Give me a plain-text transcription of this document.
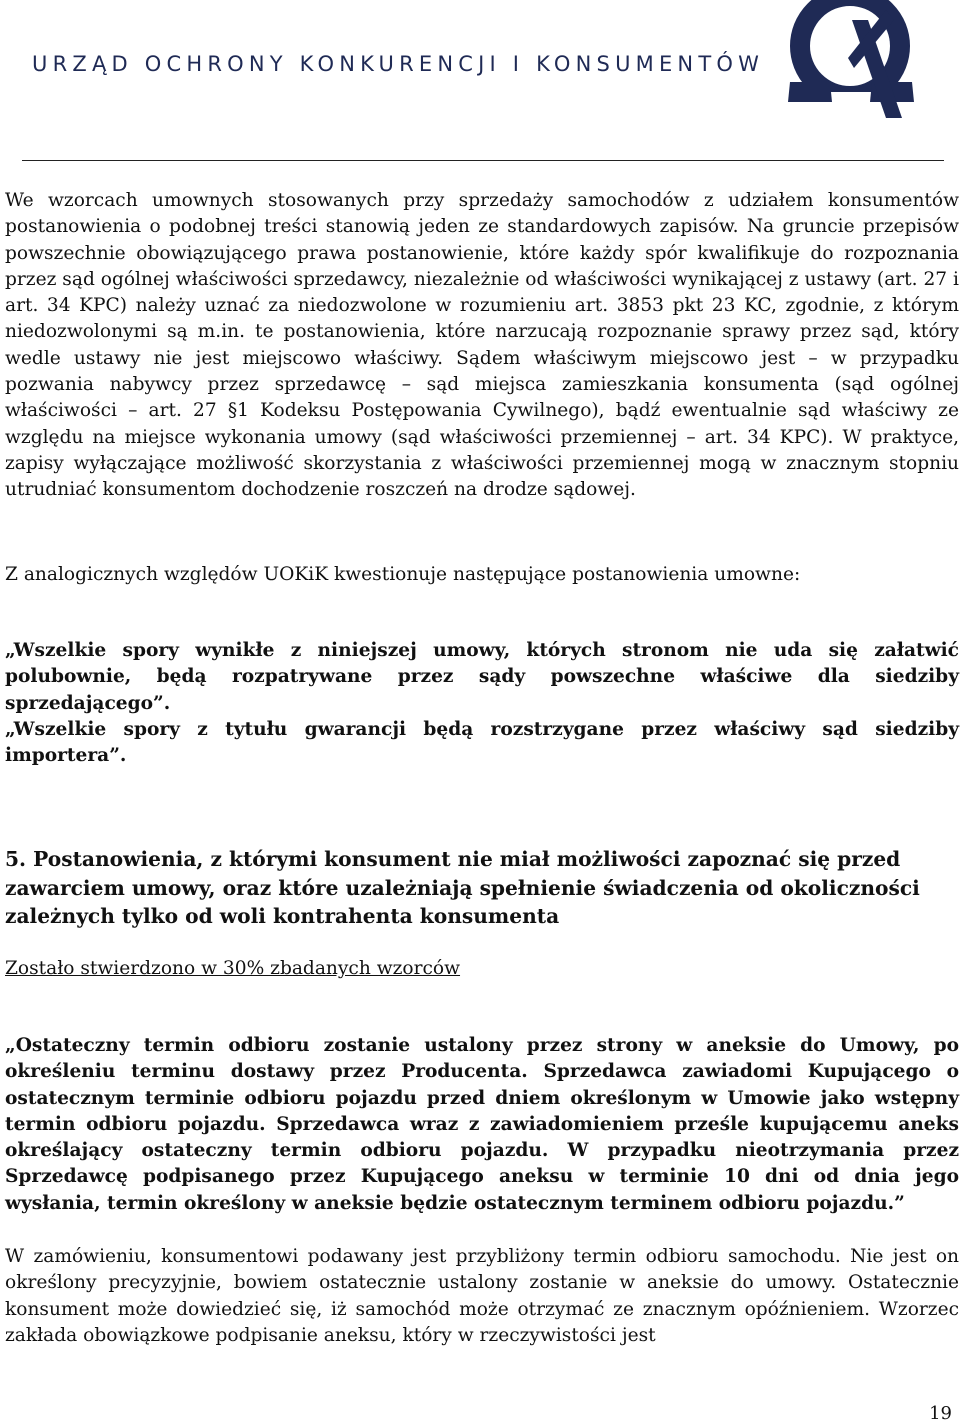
URZĄD OCHRONY KONKURENCJI I KONSUMENTÓW

We wzorcach umownych stosowanych przy sprzedaży samochodów z udziałem konsumentów postanowienia o podobnej treści stanowią jeden ze standardowych zapisów. Na gruncie przepisów powszechnie obowiązującego prawa postanowienie, które każdy spór kwalifikuje do rozpoznania przez sąd ogólnej właściwości sprzedawcy, niezależnie od właściwości wynikającej z ustawy (art. 27 i art. 34 KPC) należy uznać za niedozwolone w rozumieniu art. 3853 pkt 23 KC, zgodnie, z którym niedozwolonymi są m.in. te postanowienia, które narzucają rozpoznanie sprawy przez sąd, który wedle ustawy nie jest miejscowo właściwy. Sądem właściwym miejscowo jest – w przypadku pozwania nabywcy przez sprzedawcę – sąd miejsca zamieszkania konsumenta (sąd ogólnej właściwości – art. 27 §1 Kodeksu Postępowania Cywilnego), bądź ewentualnie sąd właściwy ze względu na miejsce wykonania umowy (sąd właściwości przemiennej – art. 34 KPC). W praktyce, zapisy wyłączające możliwość skorzystania z właściwości przemiennej mogą w znacznym stopniu utrudniać konsumentom dochodzenie roszczeń na drodze sądowej.

Z analogicznych względów UOKiK kwestionuje następujące postanowienia umowne:

„Wszelkie spory wynikłe z niniejszej umowy, których stronom nie uda się załatwić polubownie, będą rozpatrywane przez sądy powszechne właściwe dla siedziby sprzedającego”.

„Wszelkie spory z tytułu gwarancji będą rozstrzygane przez właściwy sąd siedziby importera”.

5. Postanowienia, z którymi konsument nie miał możliwości zapoznać się przed zawarciem umowy, oraz które uzależniają spełnienie świadczenia od okoliczności zależnych tylko od woli kontrahenta konsumenta

Zostało stwierdzono w 30% zbadanych wzorców

„Ostateczny termin odbioru zostanie ustalony przez strony w aneksie do Umowy, po określeniu terminu dostawy przez Producenta. Sprzedawca zawiadomi Kupującego o ostatecznym terminie odbioru pojazdu przed dniem określonym w Umowie jako wstępny termin odbioru pojazdu. Sprzedawca wraz z zawiadomieniem prześle kupującemu aneks określający ostateczny termin odbioru pojazdu. W przypadku nieotrzymania przez Sprzedawcę podpisanego przez Kupującego aneksu w terminie 10 dni od dnia jego wysłania, termin określony w aneksie będzie ostatecznym terminem odbioru pojazdu.”

W zamówieniu, konsumentowi podawany jest przybliżony termin odbioru samochodu. Nie jest on określony precyzyjnie, bowiem ostatecznie ustalony zostanie w aneksie do umowy. Ostatecznie konsument może dowiedzieć się, iż samochód może otrzymać ze znacznym opóźnieniem. Wzorzec zakłada obowiązkowe podpisanie aneksu, który w rzeczywistości jest

19
